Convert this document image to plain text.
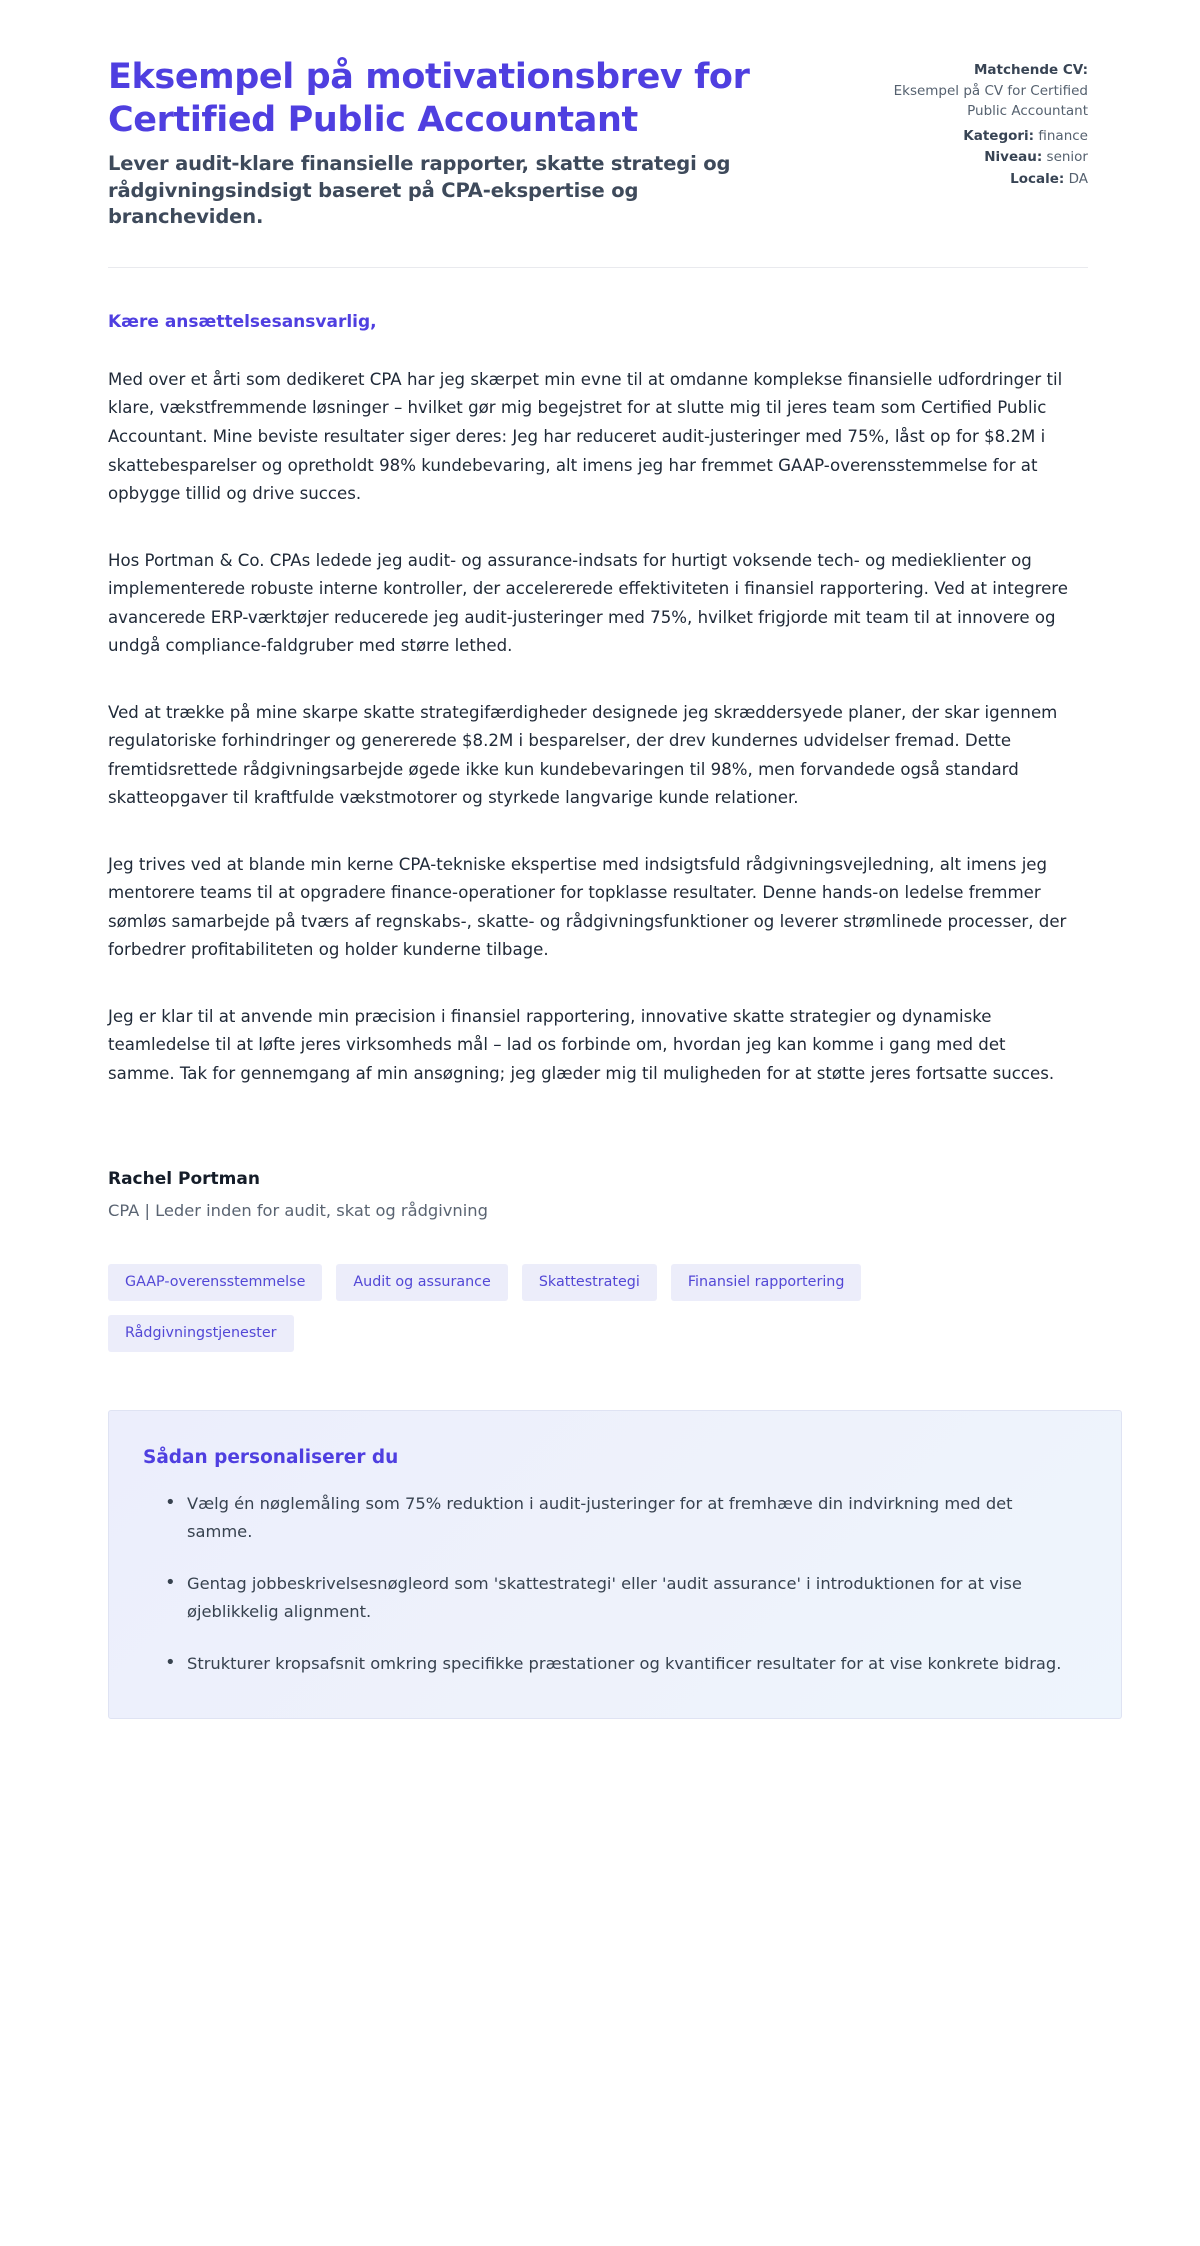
Eksempel på motivationsbrev for Certified Public Accountant

Lever audit-klare finansielle rapporter, skatte strategi og rådgivningsindsigt baseret på CPA-ekspertise og brancheviden.

Matchende CV:
Eksempel på CV for Certified Public Accountant
Kategori: finance
Niveau: senior
Locale: DA

Kære ansættelsesansvarlig,

Med over et årti som dedikeret CPA har jeg skærpet min evne til at omdanne komplekse finansielle udfordringer til klare, vækstfremmende løsninger – hvilket gør mig begejstret for at slutte mig til jeres team som Certified Public Accountant. Mine beviste resultater siger deres: Jeg har reduceret audit-justeringer med 75%, låst op for $8.2M i skattebesparelser og opretholdt 98% kundebevaring, alt imens jeg har fremmet GAAP-overensstemmelse for at opbygge tillid og drive succes.

Hos Portman & Co. CPAs ledede jeg audit- og assurance-indsats for hurtigt voksende tech- og medieklienter og implementerede robuste interne kontroller, der accelererede effektiviteten i finansiel rapportering. Ved at integrere avancerede ERP-værktøjer reducerede jeg audit-justeringer med 75%, hvilket frigjorde mit team til at innovere og undgå compliance-faldgruber med større lethed.

Ved at trække på mine skarpe skatte strategifærdigheder designede jeg skræddersyede planer, der skar igennem regulatoriske forhindringer og genererede $8.2M i besparelser, der drev kundernes udvidelser fremad. Dette fremtidsrettede rådgivningsarbejde øgede ikke kun kundebevaringen til 98%, men forvandede også standard skatteopgaver til kraftfulde vækstmotorer og styrkede langvarige kunde relationer.

Jeg trives ved at blande min kerne CPA-tekniske ekspertise med indsigtsfuld rådgivningsvejledning, alt imens jeg mentorere teams til at opgradere finance-operationer for topklasse resultater. Denne hands-on ledelse fremmer sømløs samarbejde på tværs af regnskabs-, skatte- og rådgivningsfunktioner og leverer strømlinede processer, der forbedrer profitabiliteten og holder kunderne tilbage.

Jeg er klar til at anvende min præcision i finansiel rapportering, innovative skatte strategier og dynamiske teamledelse til at løfte jeres virksomheds mål – lad os forbinde om, hvordan jeg kan komme i gang med det samme. Tak for gennemgang af min ansøgning; jeg glæder mig til muligheden for at støtte jeres fortsatte succes.

Rachel Portman
CPA | Leder inden for audit, skat og rådgivning
GAAP-overensstemmelse	Audit og assurance	Skattestrategi	Finansiel rapportering
Rådgivningstjenester
Sådan personaliserer du
• Vælg én nøglemåling som 75% reduktion i audit-justeringer for at fremhæve din indvirkning med det samme.
• Gentag jobbeskrivelsesnøgleord som 'skattestrategi' eller 'audit assurance' i introduktionen for at vise øjeblikkelig alignment.
• Strukturer kropsafsnit omkring specifikke præstationer og kvantificer resultater for at vise konkrete bidrag.
